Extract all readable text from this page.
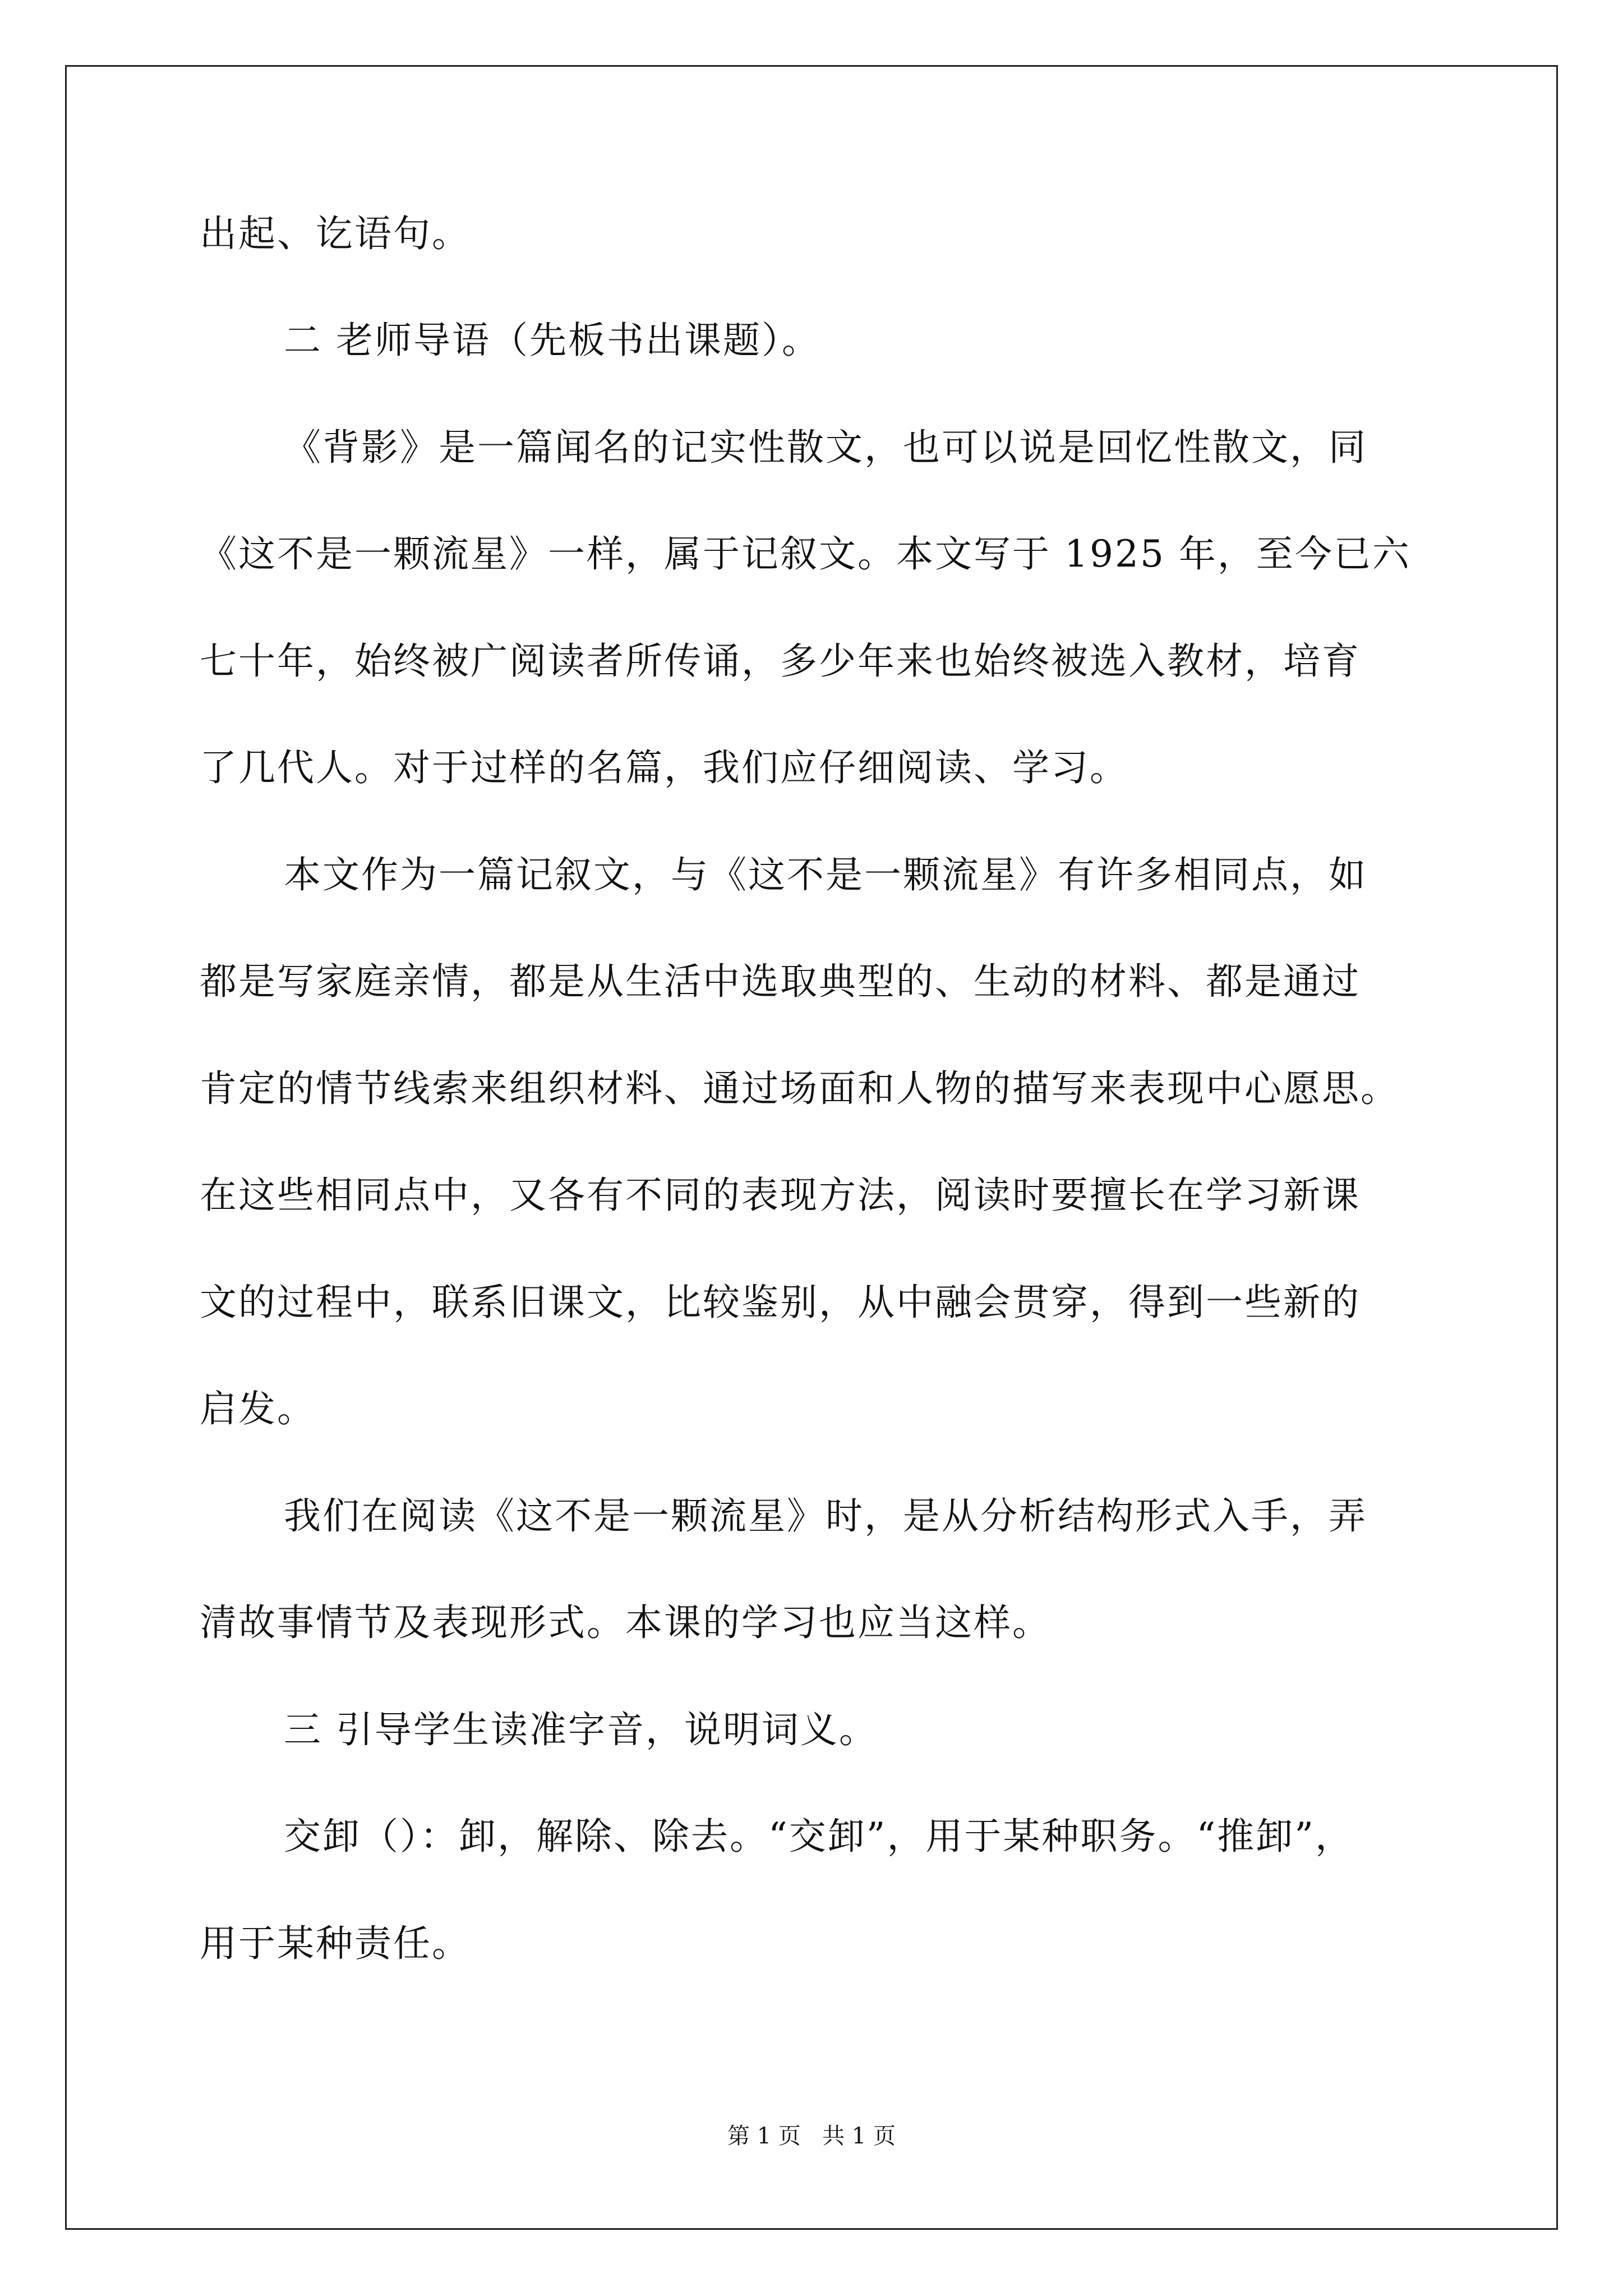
出起、讫语句。
二 老师导语（先板书出课题）。
《背影》是一篇闻名的记实性散文，也可以说是回忆性散文，同
《这不是一颗流星》一样，属于记叙文。本文写于 1925 年，至今已六
七十年，始终被广阅读者所传诵，多少年来也始终被选入教材，培育
了几代人。对于过样的名篇，我们应仔细阅读、学习。
本文作为一篇记叙文，与《这不是一颗流星》有许多相同点，如
都是写家庭亲情，都是从生活中选取典型的、生动的材料、都是通过
肯定的情节线索来组织材料、通过场面和人物的描写来表现中心愿思。
在这些相同点中，又各有不同的表现方法，阅读时要擅长在学习新课
文的过程中，联系旧课文，比较鉴别，从中融会贯穿，得到一些新的
启发。
我们在阅读《这不是一颗流星》时，是从分析结构形式入手，弄
清故事情节及表现形式。本课的学习也应当这样。
三 引导学生读准字音，说明词义。
交卸（）：卸，解除、除去。“交卸”，用于某种职务。“推卸”，
用于某种责任。
第 1 页   共 1 页
